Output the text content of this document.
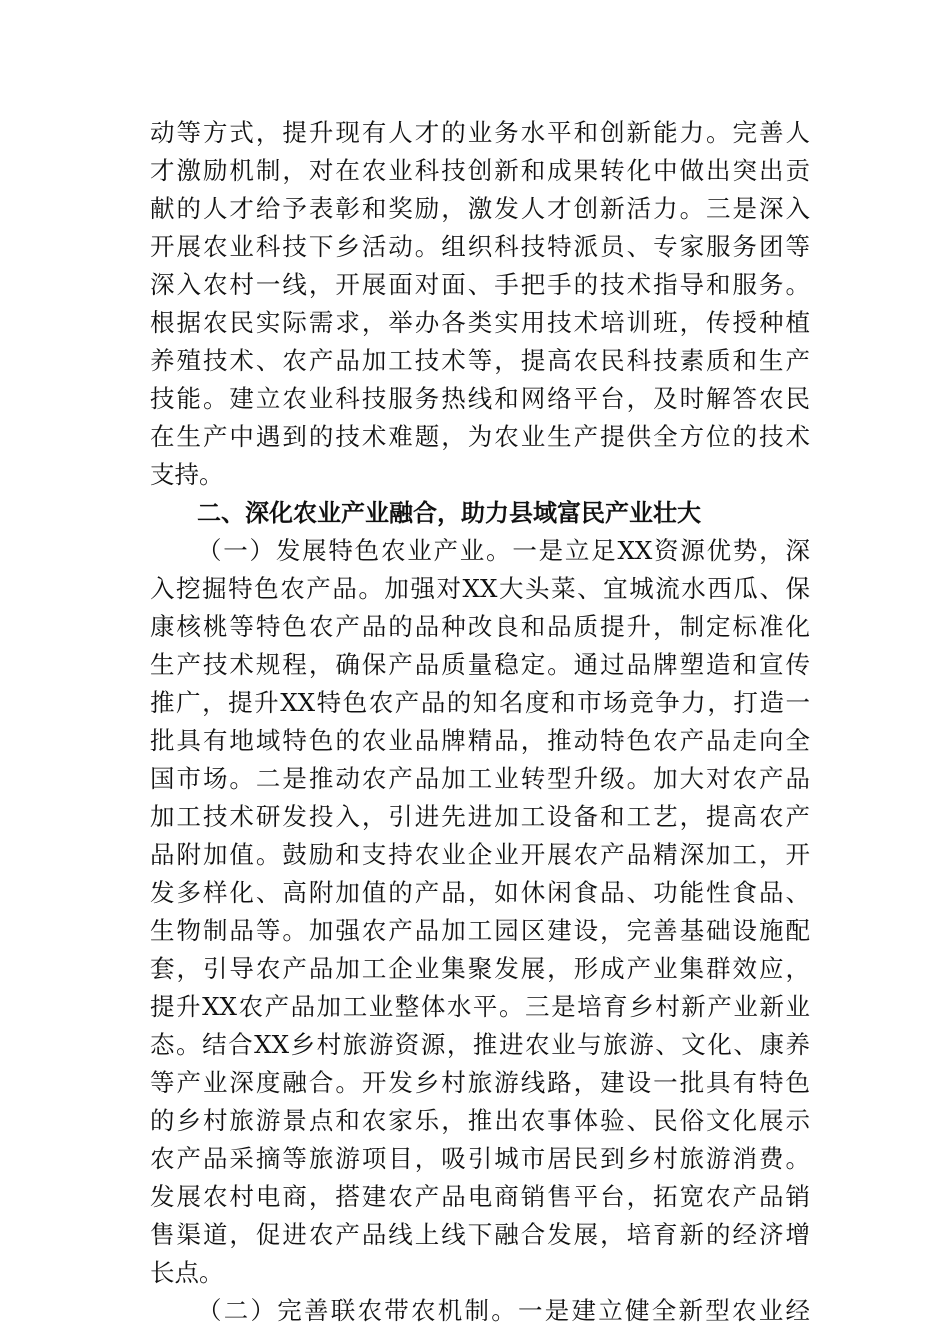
动等方式，提升现有人才的业务水平和创新能力。完善人
才激励机制，对在农业科技创新和成果转化中做出突出贡
献的人才给予表彰和奖励，激发人才创新活力。三是深入
开展农业科技下乡活动。组织科技特派员、专家服务团等
深入农村一线，开展面对面、手把手的技术指导和服务。
根据农民实际需求，举办各类实用技术培训班，传授种植
养殖技术、农产品加工技术等，提高农民科技素质和生产
技能。建立农业科技服务热线和网络平台，及时解答农民
在生产中遇到的技术难题，为农业生产提供全方位的技术
支持。
二、深化农业产业融合，助力县域富民产业壮大
（一）发展特色农业产业。一是立足XX资源优势，深
入挖掘特色农产品。加强对XX大头菜、宜城流水西瓜、保
康核桃等特色农产品的品种改良和品质提升，制定标准化
生产技术规程，确保产品质量稳定。通过品牌塑造和宣传
推广，提升XX特色农产品的知名度和市场竞争力，打造一
批具有地域特色的农业品牌精品，推动特色农产品走向全
国市场。二是推动农产品加工业转型升级。加大对农产品
加工技术研发投入，引进先进加工设备和工艺，提高农产
品附加值。鼓励和支持农业企业开展农产品精深加工，开
发多样化、高附加值的产品，如休闲食品、功能性食品、
生物制品等。加强农产品加工园区建设，完善基础设施配
套，引导农产品加工企业集聚发展，形成产业集群效应，
提升XX农产品加工业整体水平。三是培育乡村新产业新业
态。结合XX乡村旅游资源，推进农业与旅游、文化、康养
等产业深度融合。开发乡村旅游线路，建设一批具有特色
的乡村旅游景点和农家乐，推出农事体验、民俗文化展示
农产品采摘等旅游项目，吸引城市居民到乡村旅游消费。
发展农村电商，搭建农产品电商销售平台，拓宽农产品销
售渠道，促进农产品线上线下融合发展，培育新的经济增
长点。
（二）完善联农带农机制。一是建立健全新型农业经
